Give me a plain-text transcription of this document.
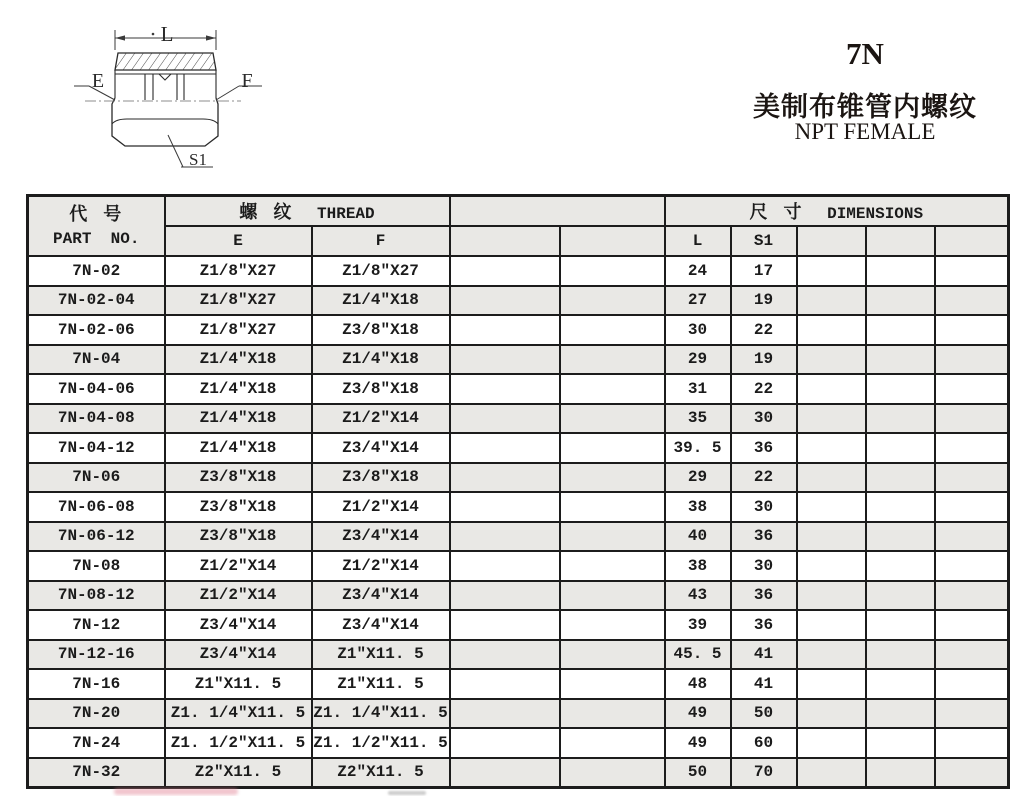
L
E	F
S1
7N
美制布锥管内螺纹
NPT FEMALE
代  号
PART  NO.	螺  纹 THREAD				尺  寸 DIMENSIONS				
	E	F			L	S1			
7N-02	Z1/8″X27	Z1/8″X27			24	17			
7N-02-04	Z1/8″X27	Z1/4″X18			27	19			
7N-02-06	Z1/8″X27	Z3/8″X18			30	22			
7N-04	Z1/4″X18	Z1/4″X18			29	19			
7N-04-06	Z1/4″X18	Z3/8″X18			31	22			
7N-04-08	Z1/4″X18	Z1/2″X14			35	30			
7N-04-12	Z1/4″X18	Z3/4″X14			39. 5	36			
7N-06	Z3/8″X18	Z3/8″X18			29	22			
7N-06-08	Z3/8″X18	Z1/2″X14			38	30			
7N-06-12	Z3/8″X18	Z3/4″X14			40	36			
7N-08	Z1/2″X14	Z1/2″X14			38	30			
7N-08-12	Z1/2″X14	Z3/4″X14			43	36			
7N-12	Z3/4″X14	Z3/4″X14			39	36			
7N-12-16	Z3/4″X14	Z1″X11. 5			45. 5	41			
7N-16	Z1″X11. 5	Z1″X11. 5			48	41			
7N-20	Z1. 1/4″X11. 5	Z1. 1/4″X11. 5			49	50			
7N-24	Z1. 1/2″X11. 5	Z1. 1/2″X11. 5			49	60			
7N-32	Z2″X11. 5	Z2″X11. 5			50	70			
